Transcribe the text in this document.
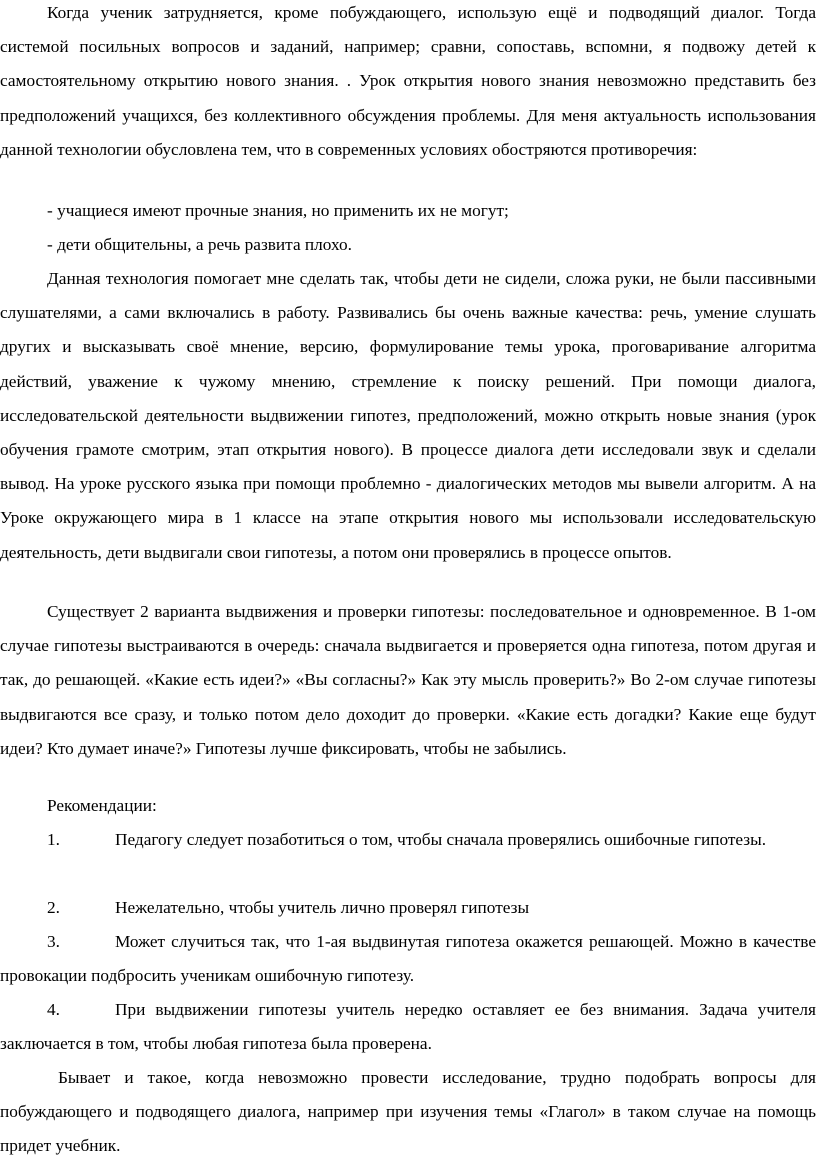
Когда ученик затрудняется, кроме побуждающего, использую ещё и подводящий диалог. Тогда системой посильных вопросов и заданий, например; сравни, сопоставь, вспомни, я подвожу детей к самостоятельному открытию нового знания. . Урок открытия нового знания невозможно представить без предположений учащихся, без коллективного обсуждения проблемы. Для меня актуальность использования данной технологии обусловлена тем, что в современных условиях обостряются противоречия:

- учащиеся имеют прочные знания, но применить их не могут;

- дети общительны, а речь развита плохо.

Данная технология помогает мне сделать так, чтобы дети не сидели, сложа руки, не были пассивными слушателями, а сами включались в работу. Развивались бы очень важные качества: речь, умение слушать других и высказывать своё мнение, версию, формулирование темы урока, проговаривание алгоритма действий, уважение к чужому мнению, стремление к поиску решений. При помощи диалога, исследовательской деятельности выдвижении гипотез, предположений, можно открыть новые знания (урок обучения грамоте смотрим, этап открытия нового). В процессе диалога дети исследовали звук и сделали вывод. На уроке русского языка при помощи проблемно - диалогических методов мы вывели алгоритм. А на Уроке окружающего мира в 1 классе на этапе открытия нового мы использовали исследовательскую деятельность, дети выдвигали свои гипотезы, а потом они проверялись в процессе опытов.

Существует 2 варианта выдвижения и проверки гипотезы: последовательное и одновременное. В 1-ом случае гипотезы выстраиваются в очередь: сначала выдвигается и проверяется одна гипотеза, потом другая и так, до решающей. «Какие есть идеи?» «Вы согласны?» Как эту мысль проверить?» Во 2-ом случае гипотезы выдвигаются все сразу, и только потом дело доходит до проверки. «Какие есть догадки? Какие еще будут идеи? Кто думает иначе?» Гипотезы лучше фиксировать, чтобы не забылись.

Рекомендации:

1.	Педагогу следует позаботиться о том, чтобы сначала проверялись ошибочные гипотезы.
2.	Нежелательно, чтобы учитель лично проверял гипотезы
3.	Может случиться так, что 1-ая выдвинутая гипотеза окажется решающей. Можно в качестве провокации подбросить ученикам ошибочную гипотезу.
4.	При выдвижении гипотезы учитель нередко оставляет ее без внимания. Задача учителя заключается в том, чтобы любая гипотеза была проверена.

Бывает и такое, когда невозможно провести исследование, трудно подобрать вопросы для побуждающего и подводящего диалога, например при изучения темы «Глагол» в таком случае на помощь придет учебник.
